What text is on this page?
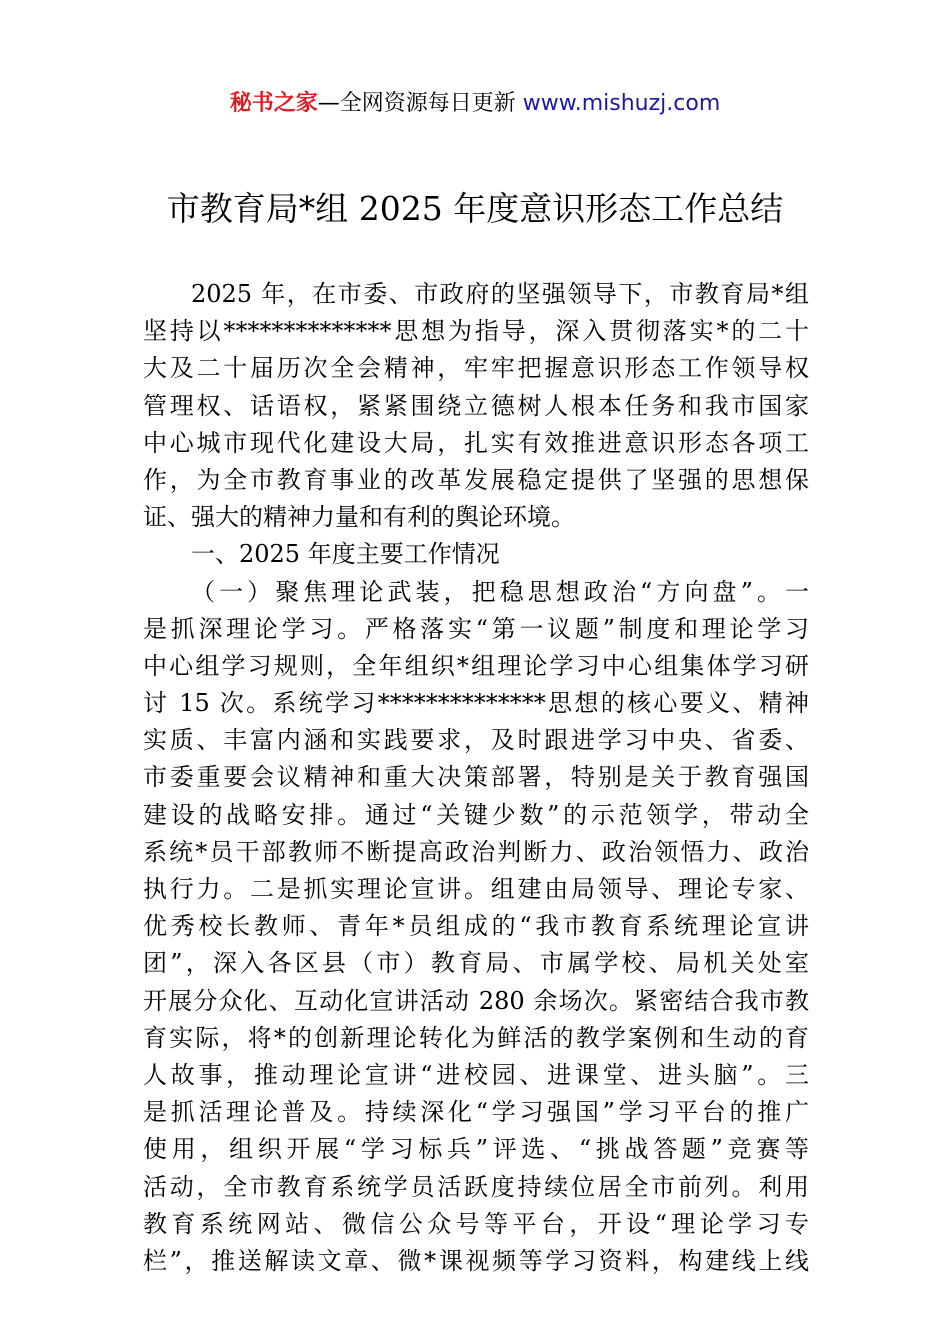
秘书之家—全网资源每日更新 www.mishuzj.com
市教育局*组 2025 年度意识形态工作总结
2025 年，在市委、市政府的坚强领导下，市教育局*组
坚持以**************思想为指导，深入贯彻落实*的二十
大及二十届历次全会精神，牢牢把握意识形态工作领导权
管理权、话语权，紧紧围绕立德树人根本任务和我市国家
中心城市现代化建设大局，扎实有效推进意识形态各项工
作，为全市教育事业的改革发展稳定提供了坚强的思想保
证、强大的精神力量和有利的舆论环境。
一、2025 年度主要工作情况
（一）聚焦理论武装，把稳思想政治“方向盘”。一
是抓深理论学习。严格落实“第一议题”制度和理论学习
中心组学习规则，全年组织*组理论学习中心组集体学习研
讨 15 次。系统学习**************思想的核心要义、精神
实质、丰富内涵和实践要求，及时跟进学习中央、省委、
市委重要会议精神和重大决策部署，特别是关于教育强国
建设的战略安排。通过“关键少数”的示范领学，带动全
系统*员干部教师不断提高政治判断力、政治领悟力、政治
执行力。二是抓实理论宣讲。组建由局领导、理论专家、
优秀校长教师、青年*员组成的“我市教育系统理论宣讲
团”，深入各区县（市）教育局、市属学校、局机关处室
开展分众化、互动化宣讲活动 280 余场次。紧密结合我市教
育实际，将*的创新理论转化为鲜活的教学案例和生动的育
人故事，推动理论宣讲“进校园、进课堂、进头脑”。三
是抓活理论普及。持续深化“学习强国”学习平台的推广
使用，组织开展“学习标兵”评选、“挑战答题”竞赛等
活动，全市教育系统学员活跃度持续位居全市前列。利用
教育系统网站、微信公众号等平台，开设“理论学习专
栏”，推送解读文章、微*课视频等学习资料，构建线上线
